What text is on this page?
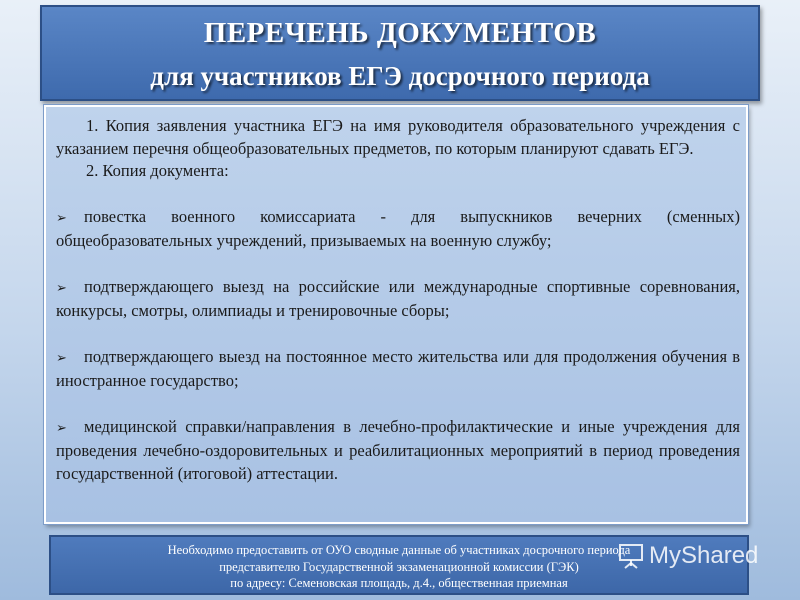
ПЕРЕЧЕНЬ ДОКУМЕНТОВ
для участников ЕГЭ досрочного периода

1. Копия заявления участника ЕГЭ на имя руководителя образовательного учреждения с указанием перечня общеобразовательных предметов, по которым планируют сдавать ЕГЭ.

2. Копия документа:

➢ повестка военного комиссариата - для выпускников вечерних (сменных) общеобразовательных учреждений, призываемых на военную службу;

➢ подтверждающего выезд на российские или международные спортивные соревнования, конкурсы, смотры, олимпиады и тренировочные сборы;

➢ подтверждающего выезд на постоянное место жительства или для продолжения обучения в иностранное государство;

➢ медицинской справки/направления в лечебно-профилактические и иные учреждения для проведения лечебно-оздоровительных и реабилитационных мероприятий в период проведения государственной (итоговой) аттестации.

Необходимо предоставить от ОУО сводные данные об участниках досрочного периода
представителю Государственной экзаменационной комиссии (ГЭК)
по адресу: Семеновская площадь, д.4., общественная приемная
MyShared
